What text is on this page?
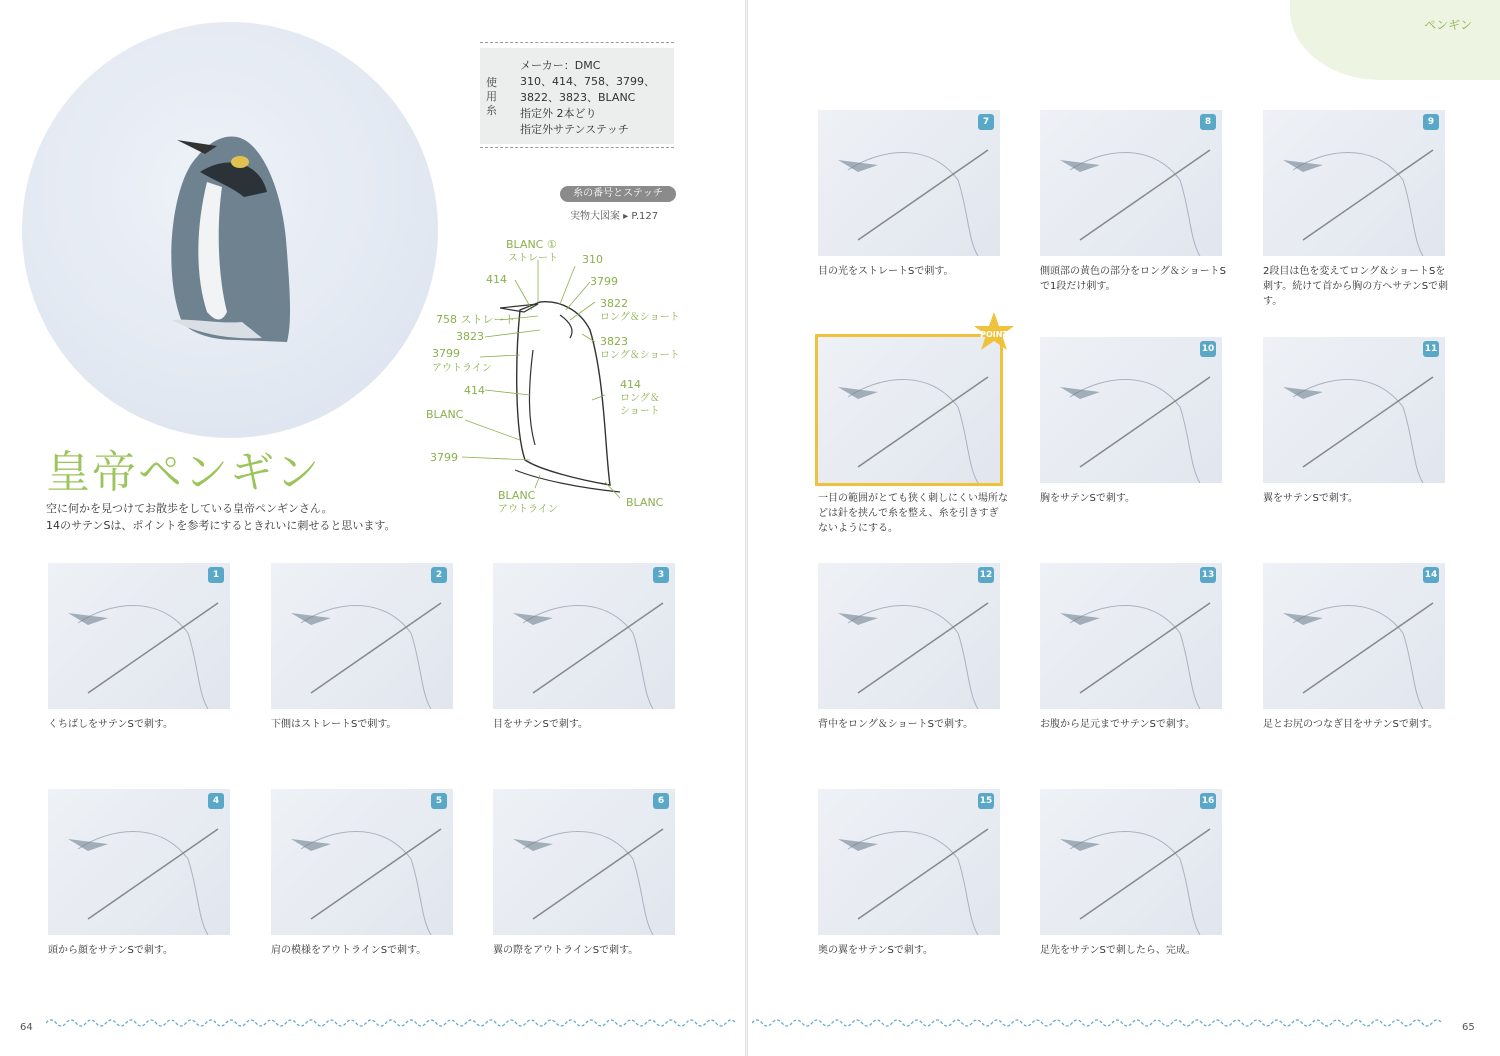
使用糸
メーカー：DMC
310、414、758、3799、
3822、3823、BLANC
指定外 2本どり
指定外サテンステッチ
糸の番号とステッチ
実物大図案 ▸ P.127
BLANC ①
ストレート 310
414	3799
3822
ロング＆ショート
758 ストレート
3823	3823
ロング＆ショート
3799
アウトライン
414
ロング＆
ショート
414
BLANC
3799
BLANC
アウトライン
BLANC
皇帝ペンギン
空に何かを見つけてお散歩をしている皇帝ペンギンさん。
14のサテンSは、ポイントを参考にするときれいに刺せると思います。
1
くちばしをサテンSで刺す。
2
下側はストレートSで刺す。
3
目をサテンSで刺す。
4
頭から顔をサテンSで刺す。
5
肩の模様をアウトラインSで刺す。
6
翼の際をアウトラインSで刺す。
64
ペンギン
7
目の光をストレートSで刺す。
8
側頭部の黄色の部分をロング＆ショートSで1段だけ刺す。
9
2段目は色を変えてロング＆ショートSを刺す。続けて首から胸の方へサテンSで刺す。
一目の範囲がとても狭く刺しにくい場所などは針を挟んで糸を整え、糸を引きすぎないようにする。
10
胸をサテンSで刺す。
11
翼をサテンSで刺す。
12
背中をロング＆ショートSで刺す。
13
お腹から足元までサテンSで刺す。
14
足とお尻のつなぎ目をサテンSで刺す。
15
奥の翼をサテンSで刺す。
16
足先をサテンSで刺したら、完成。
POINT
65
